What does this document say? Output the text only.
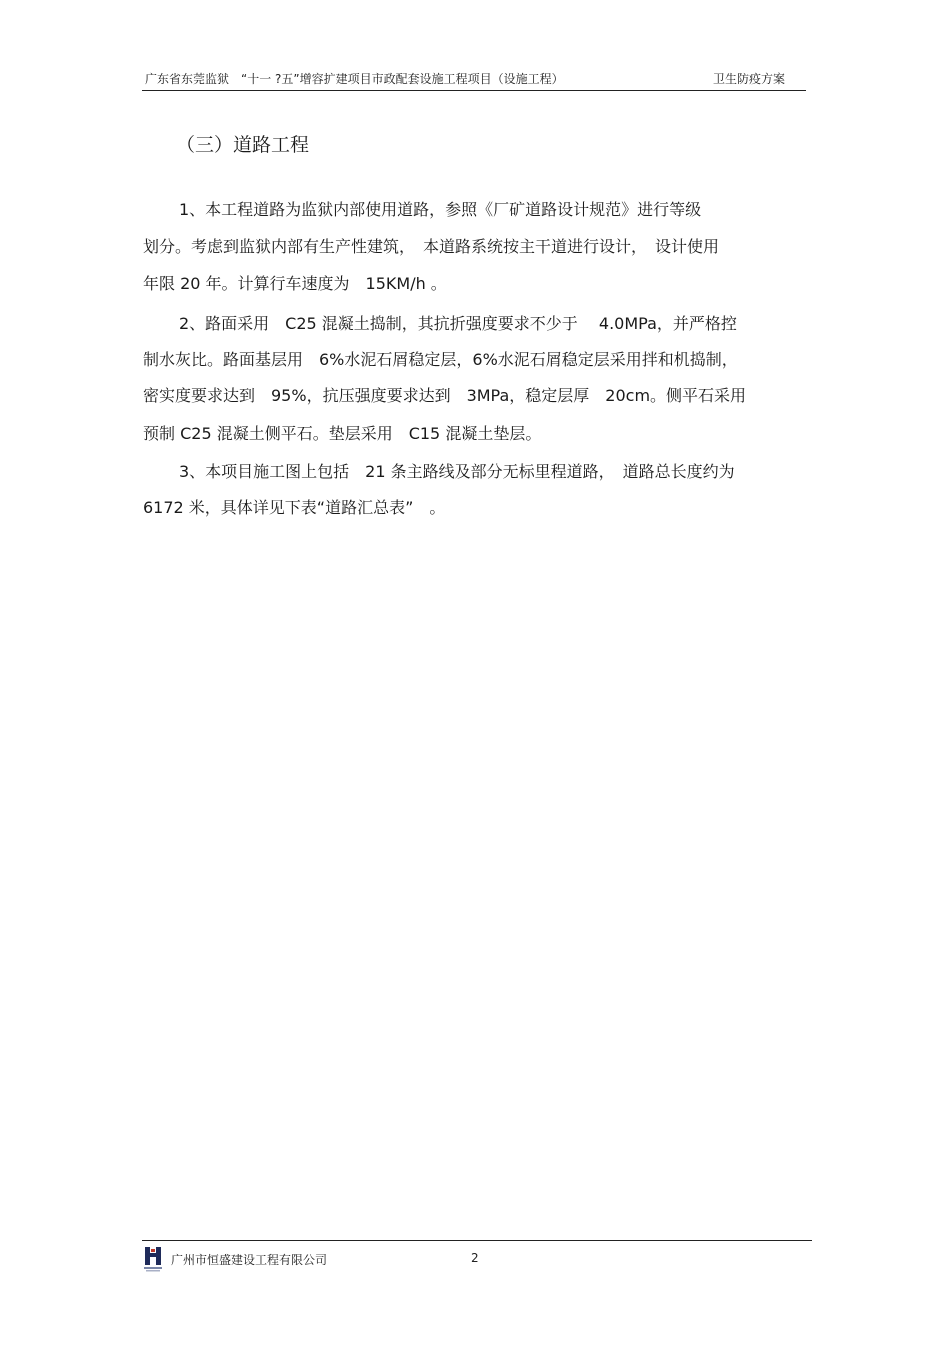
广东省东莞监狱　“十一 ?五”增容扩建项目市政配套设施工程项目（设施工程）	卫生防疫方案
（三）道路工程
1、本工程道路为监狱内部使用道路，参照《厂矿道路设计规范》进行等级
划分。考虑到监狱内部有生产性建筑，　本道路系统按主干道进行设计，　设计使用
年限 20 年。计算行车速度为　15KM/h 。
2、路面采用　C25 混凝土捣制，其抗折强度要求不少于　 4.0MPa，并严格控
制水灰比。路面基层用　6%水泥石屑稳定层，6%水泥石屑稳定层采用拌和机捣制，
密实度要求达到　95%，抗压强度要求达到　3MPa，稳定层厚　20cm。侧平石采用
预制 C25 混凝土侧平石。垫层采用　C15 混凝土垫层。
3、本项目施工图上包括　21 条主路线及部分无标里程道路，　道路总长度约为
6172 米，具体详见下表“道路汇总表”　。
广州市恒盛建设工程有限公司	2
